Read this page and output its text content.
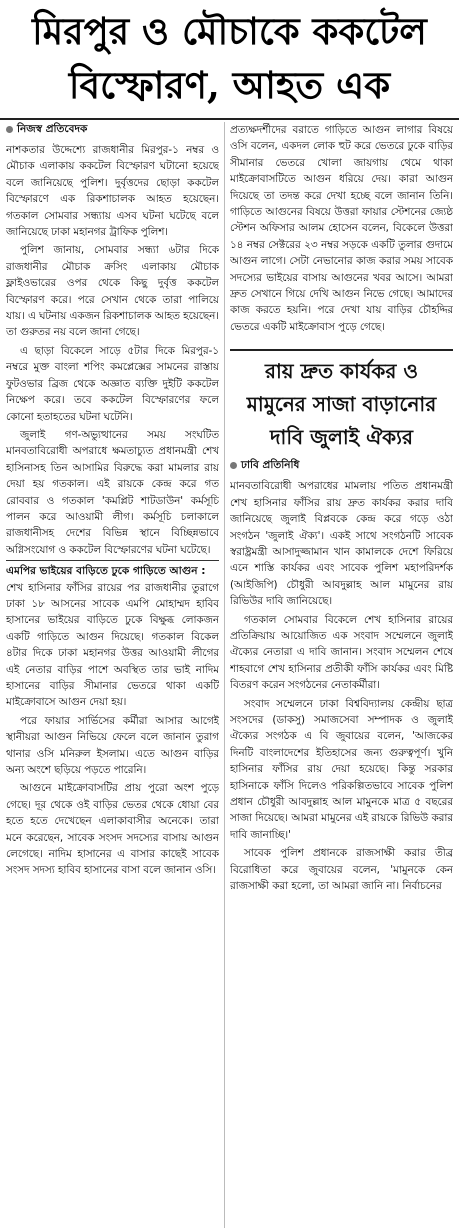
মিরপুর ও মৌচাকে ককটেল
বিস্ফোরণ, আহত এক
নিজস্ব প্রতিবেদক

নাশকতার উদ্দেশ্যে রাজধানীর মিরপুর-১ নম্বর ও মৌচাক এলাকায় ককটেল বিস্ফোরণ ঘটানো হয়েছে বলে জানিয়েছে পুলিশ। দুর্বৃত্তদের ছোড়া ককটেল বিস্ফোরণে এক রিকশাচালক আহত হয়েছেন। গতকাল সোমবার সন্ধ্যায় এসব ঘটনা ঘটেছে বলে জানিয়েছে ঢাকা মহানগর ট্রাফিক পুলিশ।

পুলিশ জানায়, সোমবার সন্ধ্যা ৬টার দিকে রাজধানীর মৌচাক ক্রসিং এলাকায় মৌচাক ফ্লাইওভারের ওপর থেকে কিছু দুর্বৃত্ত ককটেল বিস্ফোরণ করে। পরে সেখান থেকে তারা পালিয়ে যায়। এ ঘটনায় একজন রিকশাচালক আহত হয়েছেন। তা গুরুতর নয় বলে জানা গেছে।

এ ছাড়া বিকেলে সাড়ে ৫টার দিকে মিরপুর-১ নম্বরে মুক্ত বাংলা শপিং কমপ্লেক্সের সামনের রাস্তায় ফুটওভার ব্রিজ থেকে অজ্ঞাত ব্যক্তি দুইটি ককটেল নিক্ষেপ করে। তবে ককটেল বিস্ফোরণের ফলে কোনো হতাহতের ঘটনা ঘটেনি।

জুলাই গণ-অভ্যুত্থানের সময় সংঘটিত মানবতাবিরোধী অপরাধে ক্ষমতাচ্যুত প্রধানমন্ত্রী শেখ হাসিনাসহ তিন আসামির বিরুদ্ধে করা মামলার রায় দেয়া হয় গতকাল। এই রায়কে কেন্দ্র করে গত রোববার ও গতকাল 'কমপ্লিট শাটডাউন' কর্মসূচি পালন করে আওয়ামী লীগ। কর্মসূচি চলাকালে রাজধানীসহ দেশের বিভিন্ন স্থানে বিচ্ছিন্নভাবে অগ্নিসংযোগ ও ককটেল বিস্ফোরণের ঘটনা ঘটেছে।

এমপির ভাইয়ের বাড়িতে ঢুকে গাড়িতে আগুন :

শেখ হাসিনার ফাঁসির রায়ের পর রাজধানীর তুরাগে ঢাকা ১৮ আসনের সাবেক এমপি মোহাম্মদ হাবিব হাসানের ভাইয়ের বাড়িতে ঢুকে বিক্ষুব্ধ লোকজন একটি গাড়িতে আগুন দিয়েছে। গতকাল বিকেল ৪টার দিকে ঢাকা মহানগর উত্তর আওয়ামী লীগের এই নেতার বাড়ির পাশে অবস্থিত তার ভাই নাদিম হাসানের বাড়ির সীমানার ভেতরে থাকা একটি মাইক্রোবাসে আগুন দেয়া হয়।

পরে ফায়ার সার্ভিসের কর্মীরা আসার আগেই স্থানীয়রা আগুন নিভিয়ে ফেলে বলে জানান তুরাগ থানার ওসি মনিরুল ইসলাম। এতে আগুন বাড়ির অন্য অংশে ছড়িয়ে পড়তে পারেনি।

আগুনে মাইক্রোবাসটির প্রায় পুরো অংশ পুড়ে গেছে। দূর থেকে ওই বাড়ির ভেতর থেকে ধোয়া বের হতে হতে দেখেছেন এলাকাবাসীর অনেকে। তারা মনে করেছেন, সাবেক সংসদ সদস্যের বাসায় আগুন লেগেছে। নাদিম হাসানের এ বাসার কাছেই সাবেক সংসদ সদস্য হাবিব হাসানের বাসা বলে জানান ওসি।

প্রত্যক্ষদর্শীদের বরাতে গাড়িতে আগুন লাগার বিষয়ে ওসি বলেন, একদল লোক হুট করে ভেতরে ঢুকে বাড়ির সীমানার ভেতরে খোলা জায়গায় থেমে থাকা মাইক্রোবাসটিতে আগুন ধরিয়ে দেয়। কারা আগুন দিয়েছে তা তদন্ত করে দেখা হচ্ছে বলে জানান তিনি। গাড়িতে আগুনের বিষয়ে উত্তরা ফায়ার স্টেশনের জ্যেষ্ঠ স্টেশন অফিসার আলম হোসেন বলেন, বিকেলে উত্তরা ১৪ নম্বর সেক্টরের ২৩ নম্বর সড়কে একটি তুলার গুদামে আগুন লাগে। সেটা নেভানোর কাজ করার সময় সাবেক সদস্যের ভাইয়ের বাসায় আগুনের খবর আসে। আমরা দ্রুত সেখানে গিয়ে দেখি আগুন নিভে গেছে। আমাদের কাজ করতে হয়নি। পরে দেখা যায় বাড়ির চৌহদ্দির ভেতরে একটি মাইক্রোবাস পুড়ে গেছে।

রায় দ্রুত কার্যকর ও
মামুনের সাজা বাড়ানোর
দাবি জুলাই ঐক্যর
ঢাবি প্রতিনিধি

মানবতাবিরোধী অপরাধের মামলায় পতিত প্রধানমন্ত্রী শেখ হাসিনার ফাঁসির রায় দ্রুত কার্যকর করার দাবি জানিয়েছে জুলাই বিপ্লবকে কেন্দ্র করে গড়ে ওঠা সংগঠন 'জুলাই ঐক্য'। একই সাথে সংগঠনটি সাবেক স্বরাষ্ট্রমন্ত্রী আসাদুজ্জামান খান কামালকে দেশে ফিরিয়ে এনে শাস্তি কার্যকর এবং সাবেক পুলিশ মহাপরিদর্শক (আইজিপি) চৌধুরী আবদুল্লাহ আল মামুনের রায় রিভিউর দাবি জানিয়েছে।

গতকাল সোমবার বিকেলে শেখ হাসিনার রায়ের প্রতিক্রিয়ায় আয়োজিত এক সংবাদ সম্মেলনে জুলাই ঐক্যের নেতারা এ দাবি জানান। সংবাদ সম্মেলন শেষে শাহবাগে শেখ হাসিনার প্রতীকী ফাঁসি কার্যকর এবং মিষ্টি বিতরণ করেন সংগঠনের নেতাকর্মীরা।

সংবাদ সম্মেলনে ঢাকা বিশ্ববিদ্যালয় কেন্দ্রীয় ছাত্র সংসদের (ডাকসু) সমাজসেবা সম্পাদক ও জুলাই ঐক্যের সংগঠক এ বি জুবায়ের বলেন, 'আজকের দিনটি বাংলাদেশের ইতিহাসের জন্য গুরুত্বপূর্ণ। খুনি হাসিনার ফাঁসির রায় দেয়া হয়েছে। কিন্তু সরকার হাসিনাকে ফাঁসি দিলেও পরিকল্পিতভাবে সাবেক পুলিশ প্রধান চৌধুরী আবদুল্লাহ আল মামুনকে মাত্র ৫ বছরের সাজা দিয়েছে। আমরা মামুনের এই রায়কে রিভিউ করার দাবি জানাচ্ছি।'

সাবেক পুলিশ প্রধানকে রাজসাক্ষী করার তীব্র বিরোধিতা করে জুবায়ের বলেন, 'মামুনকে কেন রাজসাক্ষী করা হলো, তা আমরা জানি না। নির্বাচনের
